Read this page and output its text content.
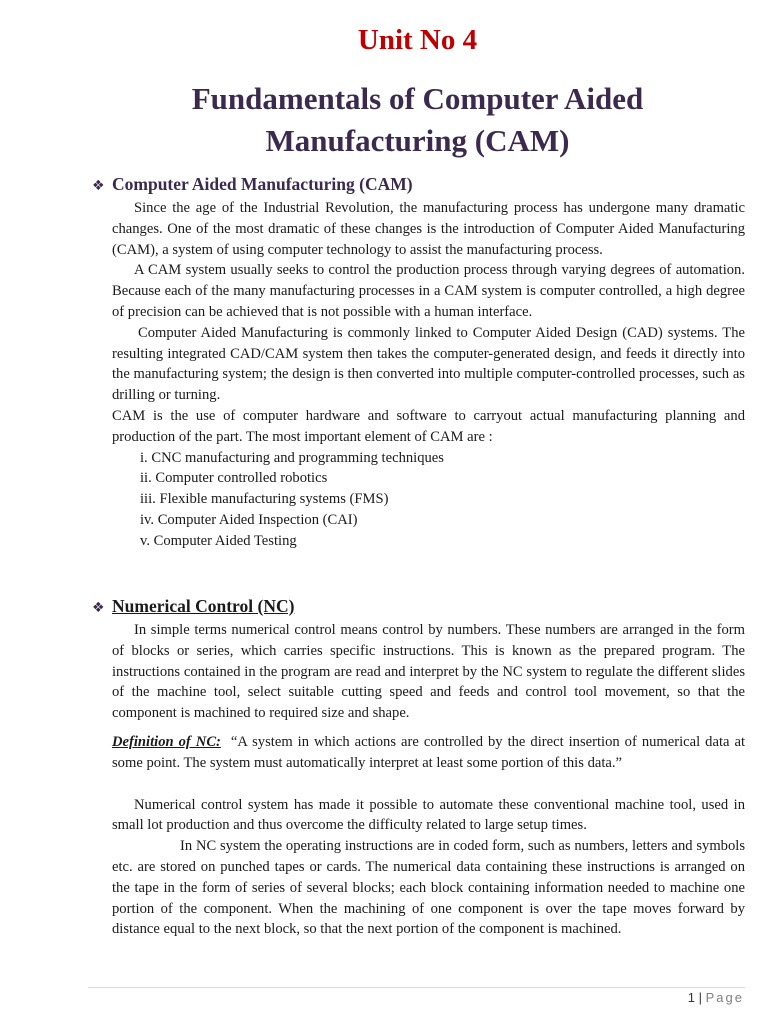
Unit No 4
Fundamentals of Computer Aided
Manufacturing (CAM)
❖ Computer Aided Manufacturing (CAM)

Since the age of the Industrial Revolution, the manufacturing process has undergone many dramatic changes. One of the most dramatic of these changes is the introduction of Computer Aided Manufacturing (CAM), a system of using computer technology to assist the manufacturing process.

A CAM system usually seeks to control the production process through varying degrees of automation. Because each of the many manufacturing processes in a CAM system is computer controlled, a high degree of precision can be achieved that is not possible with a human interface.

Computer Aided Manufacturing is commonly linked to Computer Aided Design (CAD) systems. The resulting integrated CAD/CAM system then takes the computer-generated design, and feeds it directly into the manufacturing system; the design is then converted into multiple computer-controlled processes, such as drilling or turning.

CAM is the use of computer hardware and software to carryout actual manufacturing planning and production of the part. The most important element of CAM are :

i. CNC manufacturing and programming techniques
ii. Computer controlled robotics
iii. Flexible manufacturing systems (FMS)
iv. Computer Aided Inspection (CAI)
v. Computer Aided Testing
❖ Numerical Control (NC)

In simple terms numerical control means control by numbers. These numbers are arranged in the form of blocks or series, which carries specific instructions. This is known as the prepared program. The instructions contained in the program are read and interpret by the NC system to regulate the different slides of the machine tool, select suitable cutting speed and feeds and control tool movement, so that the component is machined to required size and shape.

Definition of NC: “A system in which actions are controlled by the direct insertion of numerical data at some point. The system must automatically interpret at least some portion of this data.”

Numerical control system has made it possible to automate these conventional machine tool, used in small lot production and thus overcome the difficulty related to large setup times.

In NC system the operating instructions are in coded form, such as numbers, letters and symbols etc. are stored on punched tapes or cards. The numerical data containing these instructions is arranged on the tape in the form of series of several blocks; each block containing information needed to machine one portion of the component. When the machining of one component is over the tape moves forward by distance equal to the next block, so that the next portion of the component is machined.

1 | Page
